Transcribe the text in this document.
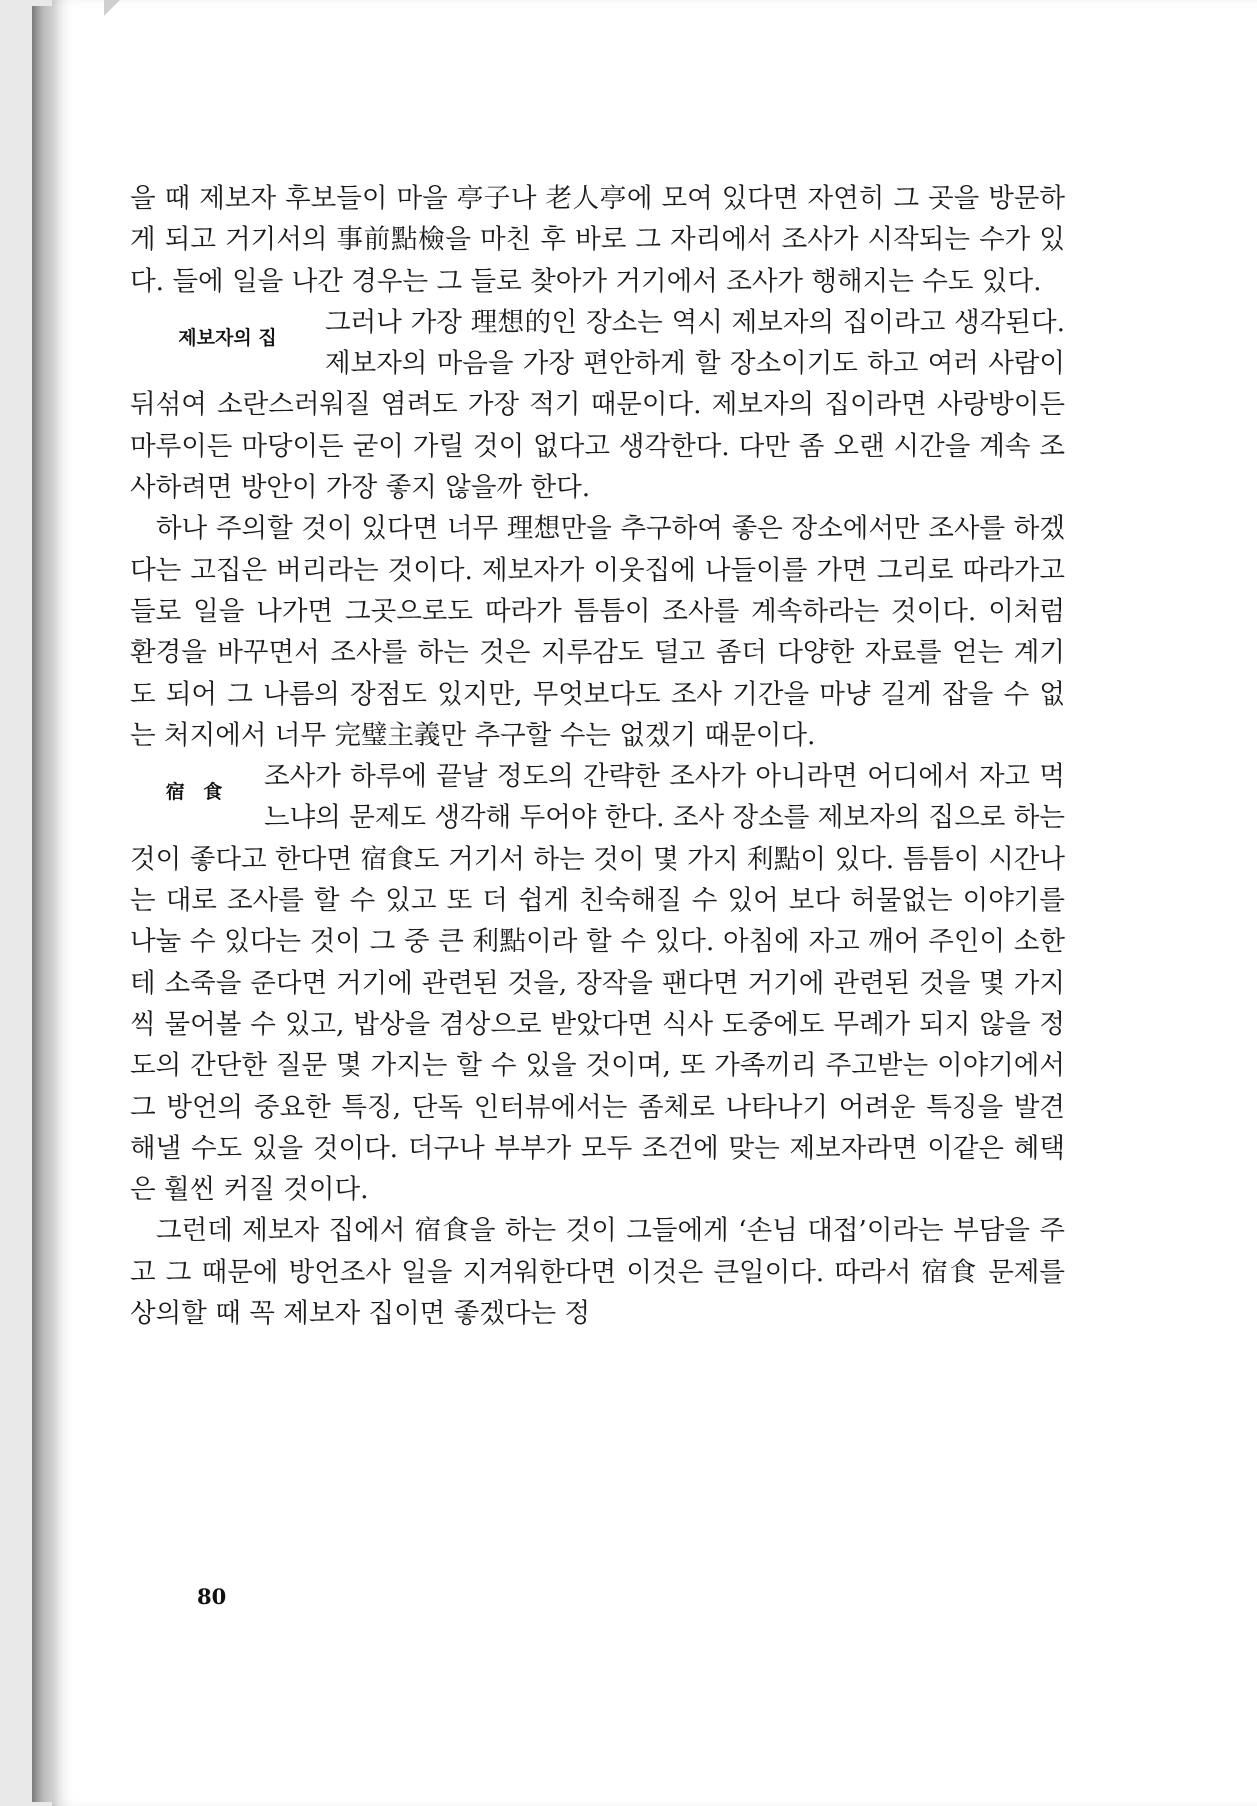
을 때 제보자 후보들이 마을 亭子나 老人亭에 모여 있다면 자연히 그 곳을 방문하게 되고 거기서의 事前點檢을 마친 후 바로 그 자리에서 조사가 시작되는 수가 있다. 들에 일을 나간 경우는 그 들로 찾아가 거기에서 조사가 행해지는 수도 있다.

제보자의 집	그러나 가장 理想的인 장소는 역시 제보자의 집이라고 생각된다. 제보자의 마음을 가장 편안하게 할 장소이기도 하고 여러 사람이 뒤섞여 소란스러워질 염려도 가장 적기 때문이다. 제보자의 집이라면 사랑방이든 마루이든 마당이든 굳이 가릴 것이 없다고 생각한다. 다만 좀 오랜 시간을 계속 조사하려면 방안이 가장 좋지 않을까 한다.

하나 주의할 것이 있다면 너무 理想만을 추구하여 좋은 장소에서만 조사를 하겠다는 고집은 버리라는 것이다. 제보자가 이웃집에 나들이를 가면 그리로 따라가고 들로 일을 나가면 그곳으로도 따라가 틈틈이 조사를 계속하라는 것이다. 이처럼 환경을 바꾸면서 조사를 하는 것은 지루감도 덜고 좀더 다양한 자료를 얻는 계기도 되어 그 나름의 장점도 있지만, 무엇보다도 조사 기간을 마냥 길게 잡을 수 없는 처지에서 너무 完璧主義만 추구할 수는 없겠기 때문이다.

宿 食	조사가 하루에 끝날 정도의 간략한 조사가 아니라면 어디에서 자고 먹느냐의 문제도 생각해 두어야 한다. 조사 장소를 제보자의 집으로 하는 것이 좋다고 한다면 宿食도 거기서 하는 것이 몇 가지 利點이 있다. 틈틈이 시간나는 대로 조사를 할 수 있고 또 더 쉽게 친숙해질 수 있어 보다 허물없는 이야기를 나눌 수 있다는 것이 그 중 큰 利點이라 할 수 있다. 아침에 자고 깨어 주인이 소한테 소죽을 준다면 거기에 관련된 것을, 장작을 팬다면 거기에 관련된 것을 몇 가지씩 물어볼 수 있고, 밥상을 겸상으로 받았다면 식사 도중에도 무례가 되지 않을 정도의 간단한 질문 몇 가지는 할 수 있을 것이며, 또 가족끼리 주고받는 이야기에서 그 방언의 중요한 특징, 단독 인터뷰에서는 좀체로 나타나기 어려운 특징을 발견해낼 수도 있을 것이다. 더구나 부부가 모두 조건에 맞는 제보자라면 이같은 혜택은 훨씬 커질 것이다.

그런데 제보자 집에서 宿食을 하는 것이 그들에게 ‘손님 대접’이라는 부담을 주고 그 때문에 방언조사 일을 지겨워한다면 이것은 큰일이다. 따라서 宿食 문제를 상의할 때 꼭 제보자 집이면 좋겠다는 정

80
